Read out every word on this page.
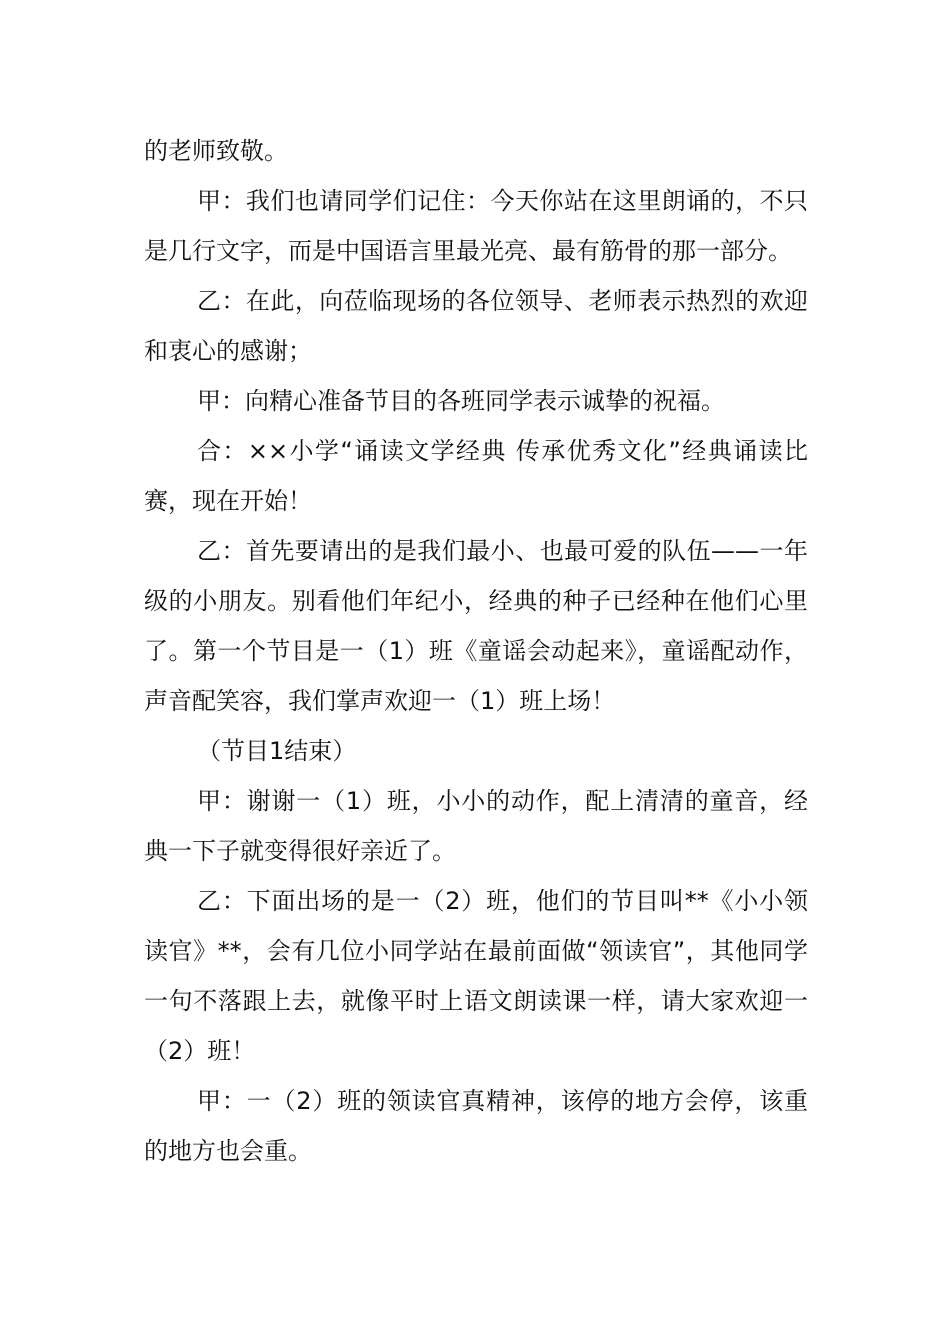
的老师致敬。

甲：我们也请同学们记住：今天你站在这里朗诵的，不只是几行文字，而是中国语言里最光亮、最有筋骨的那一部分。

乙：在此，向莅临现场的各位领导、老师表示热烈的欢迎和衷心的感谢；

甲：向精心准备节目的各班同学表示诚挚的祝福。

合：××小学“诵读文学经典 传承优秀文化”经典诵读比赛，现在开始！

乙：首先要请出的是我们最小、也最可爱的队伍——一年级的小朋友。别看他们年纪小，经典的种子已经种在他们心里了。第一个节目是一（1）班《童谣会动起来》，童谣配动作，声音配笑容，我们掌声欢迎一（1）班上场！

（节目1结束）

甲：谢谢一（1）班，小小的动作，配上清清的童音，经典一下子就变得很好亲近了。

乙：下面出场的是一（2）班，他们的节目叫**《小小领读官》**，会有几位小同学站在最前面做“领读官”，其他同学一句不落跟上去，就像平时上语文朗读课一样，请大家欢迎一（2）班！

甲：一（2）班的领读官真精神，该停的地方会停，该重的地方也会重。
